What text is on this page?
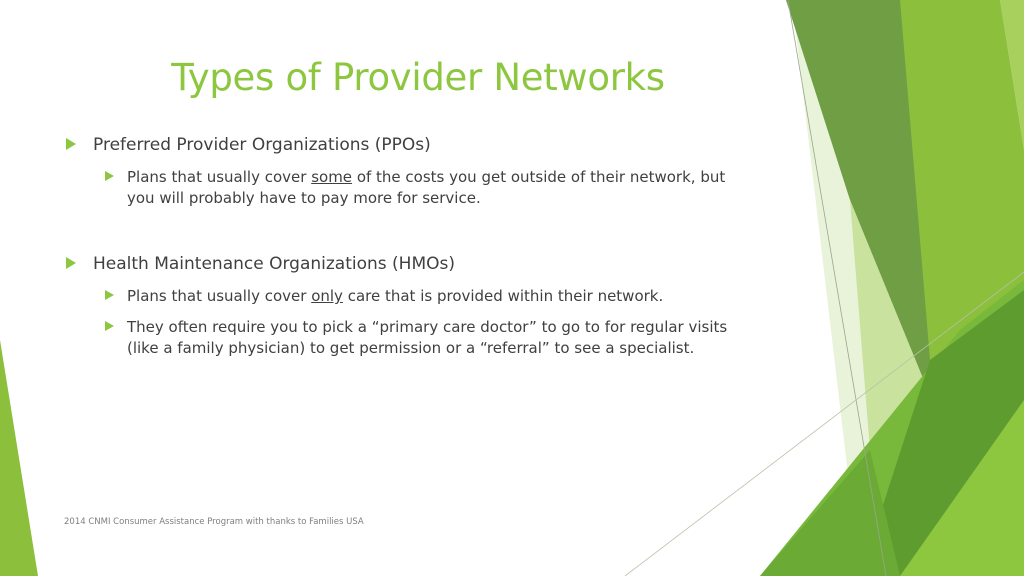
Types of Provider Networks
Preferred Provider Organizations (PPOs)
Plans that usually cover some of the costs you get outside of their network, but
you will probably have to pay more for service.
Health Maintenance Organizations (HMOs)
Plans that usually cover only care that is provided within their network.
They often require you to pick a “primary care doctor” to go to for regular visits
(like a family physician) to get permission or a “referral” to see a specialist.
2014 CNMI Consumer Assistance Program with thanks to Families USA
